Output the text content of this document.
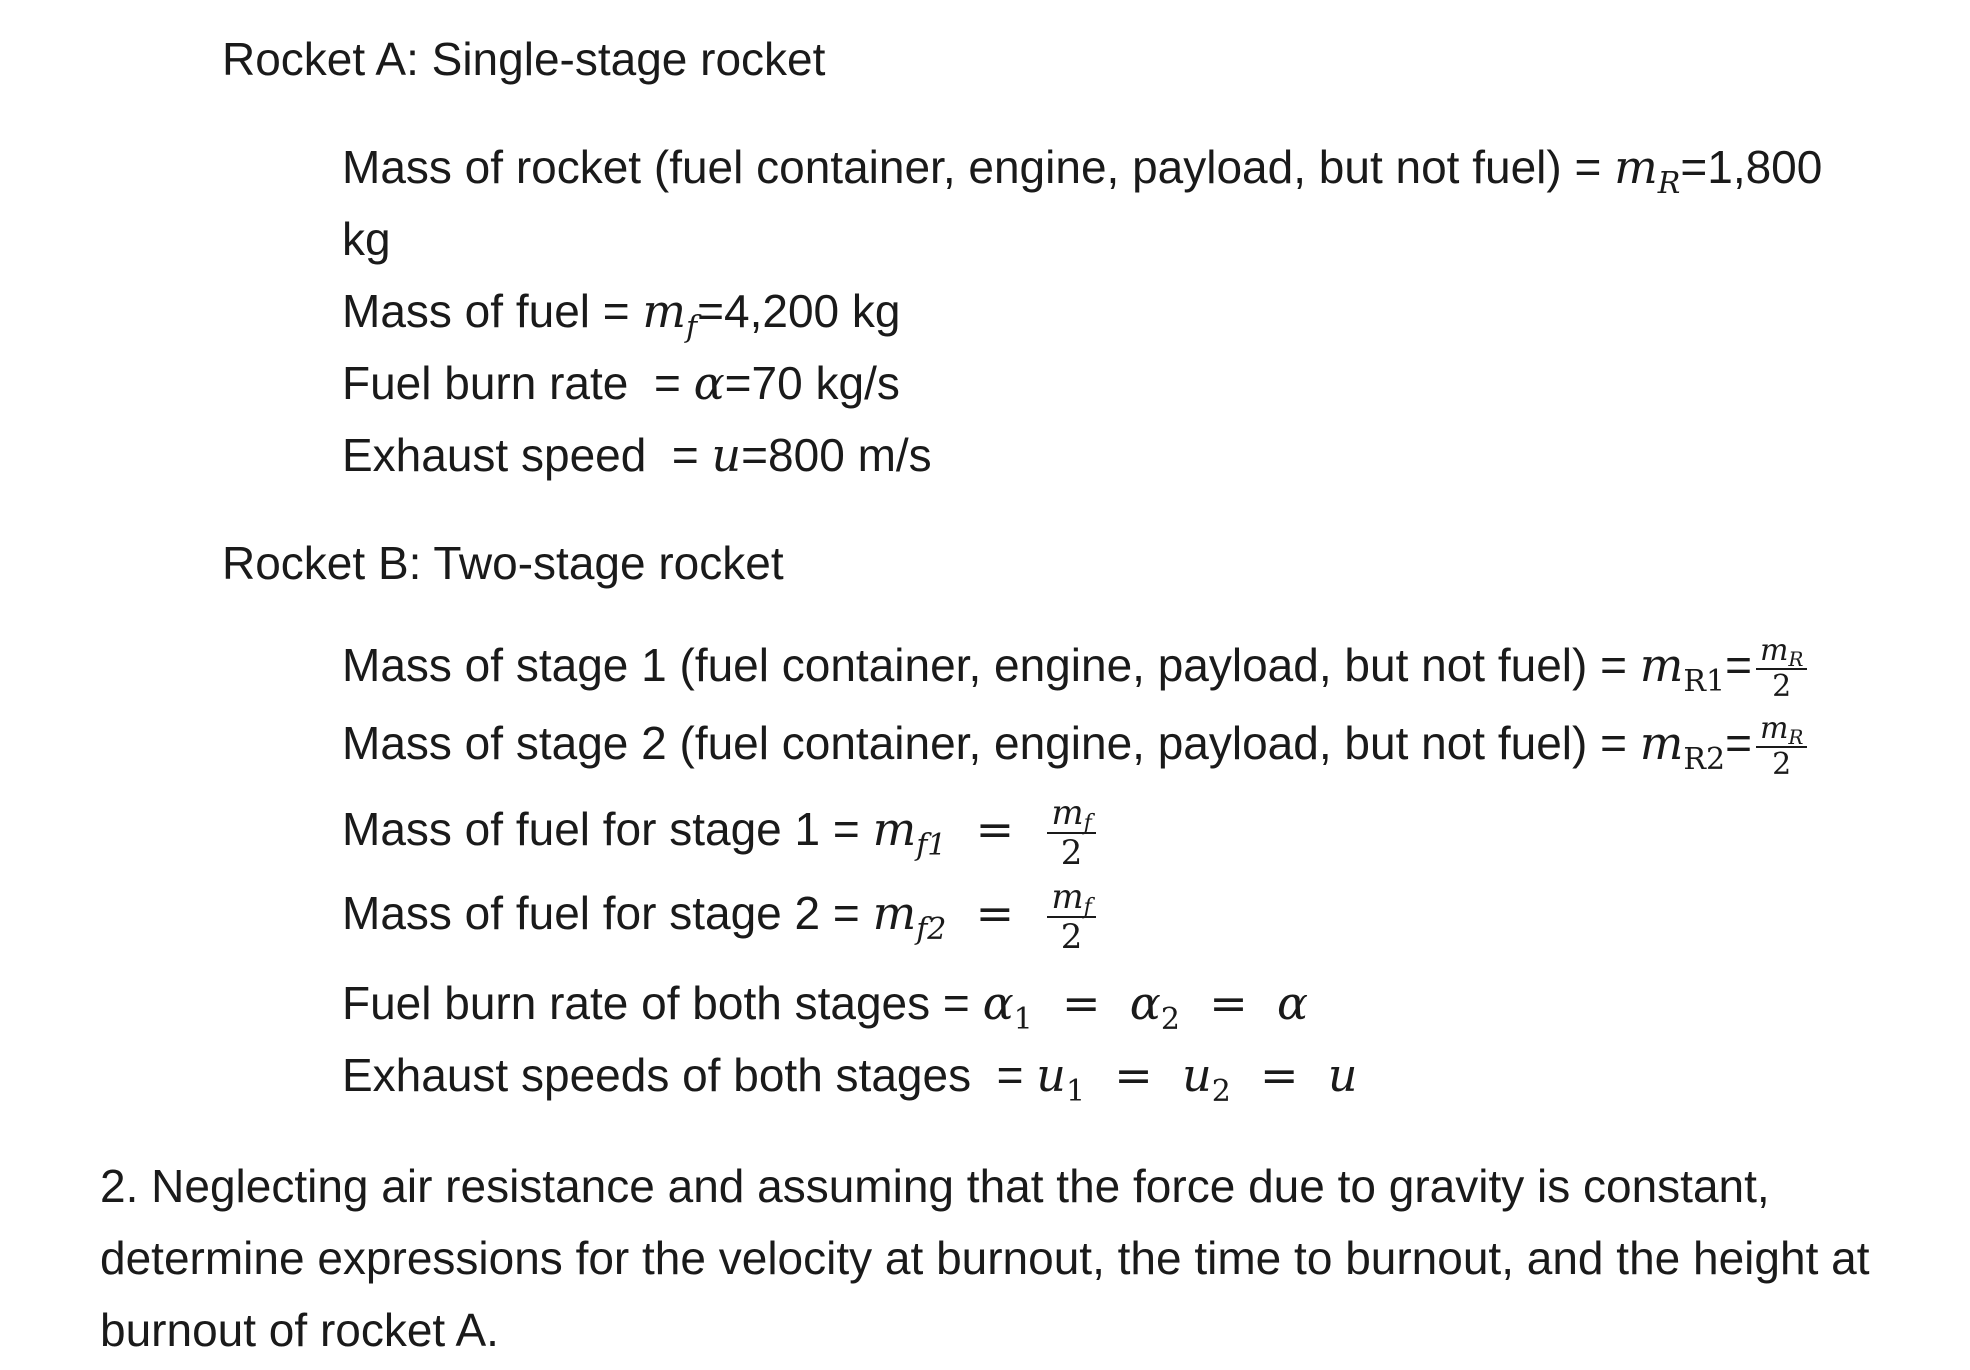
Rocket A: Single-stage rocket
Mass of rocket (fuel container, engine, payload, but not fuel) = $m_R=1,800$
kg
Mass of fuel = $m_f=4,200$ kg
Fuel burn rate  = α=70 kg/s
Exhaust speed  = u=800 m/s
Rocket B: Two-stage rocket
Mass of stage 1 (fuel container, engine, payload, but not fuel) = $m_{R1}= \frac{m_R}{2}$
Mass of stage 2 (fuel container, engine, payload, but not fuel) = $m_{R2}= \frac{m_R}{2}$
Mass of fuel for stage $1 = m_{f1} = \frac{mf}{2}$
Mass of fuel for stage $2 = m_{f2} = \frac{mf}{2}$
Fuel burn rate of both stages = $\alpha_1 = \alpha_2 = \alpha$
Exhaust speeds of both stages  = $u_1 = u_2 = u$
2. Neglecting air resistance and assuming that the force due to gravity is constant, determine expressions for the velocity at burnout, the time to burnout, and the height at burnout of rocket A.
